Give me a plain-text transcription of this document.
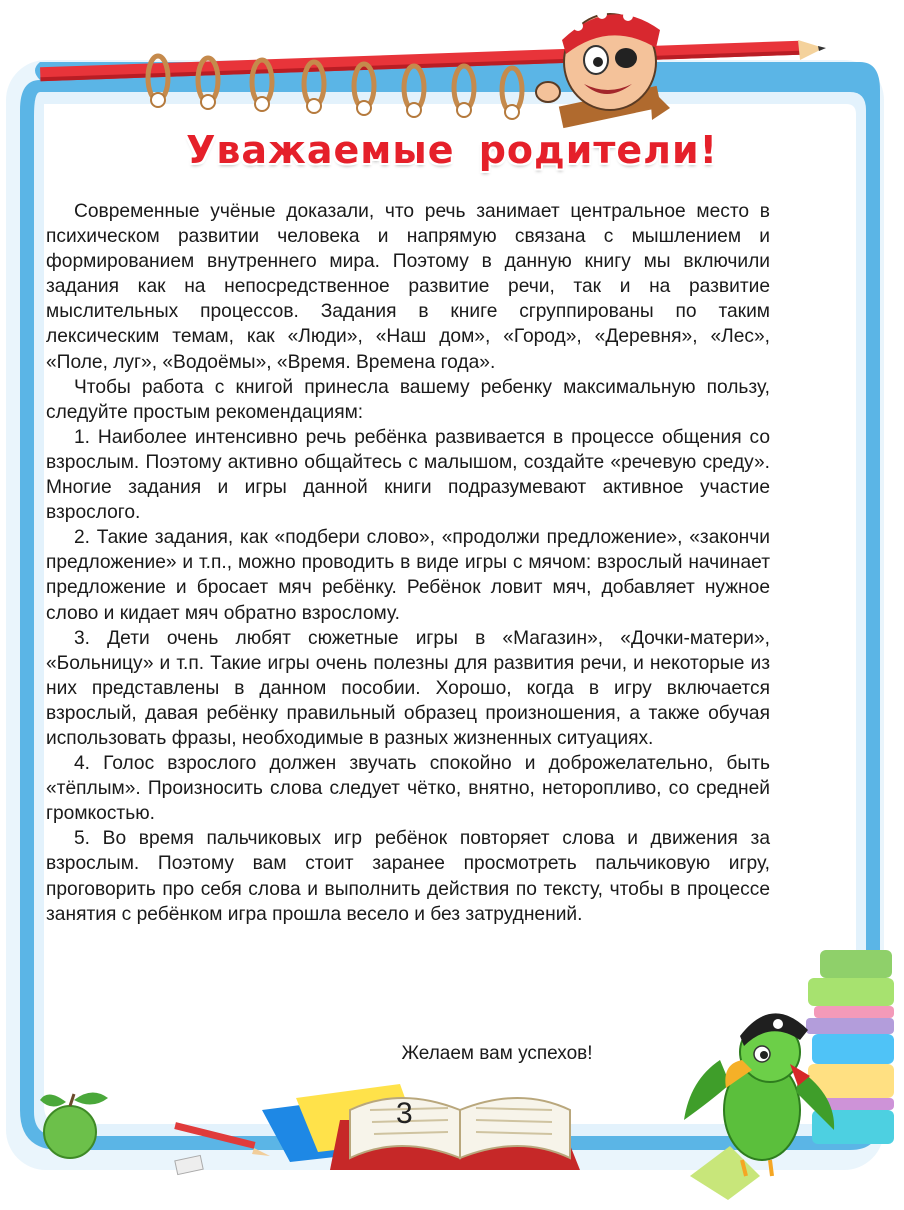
Уважаемые родители!

Современные учёные доказали, что речь занимает центральное место в психическом развитии человека и напрямую связана с мышлением и формированием внутреннего мира. Поэтому в данную книгу мы включили задания как на непосредственное развитие речи, так и на развитие мыслительных процессов. Задания в книге сгруппированы по таким лексическим темам, как «Люди», «Наш дом», «Город», «Деревня», «Лес», «Поле, луг», «Водоёмы», «Время. Времена года».

Чтобы работа с книгой принесла вашему ребенку максимальную пользу, следуйте простым рекомендациям:

1. Наиболее интенсивно речь ребёнка развивается в процессе общения со взрослым. Поэтому активно общайтесь с малышом, создайте «речевую среду». Многие задания и игры данной книги подразумевают активное участие взрослого.

2. Такие задания, как «подбери слово», «продолжи предложение», «закончи предложение» и т.п., можно проводить в виде игры с мячом: взрослый начинает предложение и бросает мяч ребёнку. Ребёнок ловит мяч, добавляет нужное слово и кидает мяч обратно взрослому.

3. Дети очень любят сюжетные игры в «Магазин», «Дочки-матери», «Больницу» и т.п. Такие игры очень полезны для развития речи, и некоторые из них представлены в данном пособии. Хорошо, когда в игру включается взрослый, давая ребёнку правильный образец произношения, а также обучая использовать фразы, необходимые в разных жизненных ситуациях.

4. Голос взрослого должен звучать спокойно и доброжелательно, быть «тёплым». Произносить слова следует чётко, внятно, неторопливо, со средней громкостью.

5. Во время пальчиковых игр ребёнок повторяет слова и движения за взрослым. Поэтому вам стоит заранее просмотреть пальчиковую игру, проговорить про себя слова и выполнить действия по тексту, чтобы в процессе занятия с ребёнком игра прошла весело и без затруднений.

Желаем вам успехов!
3
